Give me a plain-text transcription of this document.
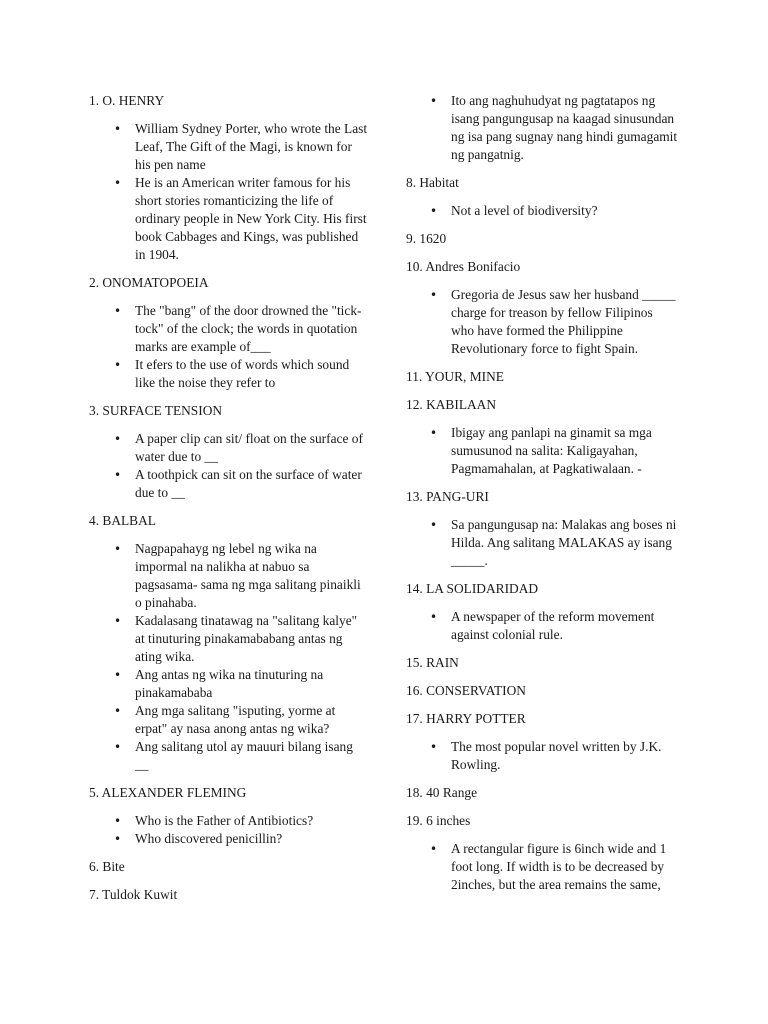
1. O. HENRY
• William Sydney Porter, who wrote the Last Leaf, The Gift of the Magi, is known for his pen name
• He is an American writer famous for his short stories romanticizing the life of ordinary people in New York City. His first book Cabbages and Kings, was published in 1904.
2. ONOMATOPOEIA
• The "bang" of the door drowned the "tick-tock" of the clock; the words in quotation marks are example of___
• It efers to the use of words which sound like the noise they refer to
3. SURFACE TENSION
• A paper clip can sit/ float on the surface of water due to __
• A toothpick can sit on the surface of water due to __
4. BALBAL
• Nagpapahayg ng lebel ng wika na impormal na nalikha at nabuo sa pagsasama- sama ng mga salitang pinaikli o pinahaba.
• Kadalasang tinatawag na "salitang kalye" at tinuturing pinakamababang antas ng ating wika.
• Ang antas ng wika na tinuturing na pinakamababa
• Ang mga salitang "isputing, yorme at erpat" ay nasa anong antas ng wika?
• Ang salitang utol ay mauuri bilang isang __
5. ALEXANDER FLEMING
• Who is the Father of Antibiotics?
• Who discovered penicillin?
6. Bite
7. Tuldok Kuwit
• Ito ang naghuhudyat ng pagtatapos ng isang pangungusap na kaagad sinusundan ng isa pang sugnay nang hindi gumagamit ng pangatnig.
8. Habitat
• Not a level of biodiversity?
9. 1620
10. Andres Bonifacio
• Gregoria de Jesus saw her husband _____ charge for treason by fellow Filipinos who have formed the Philippine Revolutionary force to fight Spain.
11. YOUR, MINE
12. KABILAAN
• Ibigay ang panlapi na ginamit sa mga sumusunod na salita: Kaligayahan, Pagmamahalan, at Pagkatiwalaan. -
13. PANG-URI
• Sa pangungusap na: Malakas ang boses ni Hilda. Ang salitang MALAKAS ay isang _____.
14. LA SOLIDARIDAD
• A newspaper of the reform movement against colonial rule.
15. RAIN
16. CONSERVATION
17. HARRY POTTER
• The most popular novel written by J.K. Rowling.
18. 40 Range
19. 6 inches
• A rectangular figure is 6inch wide and 1 foot long. If width is to be decreased by 2inches, but the area remains the same,
